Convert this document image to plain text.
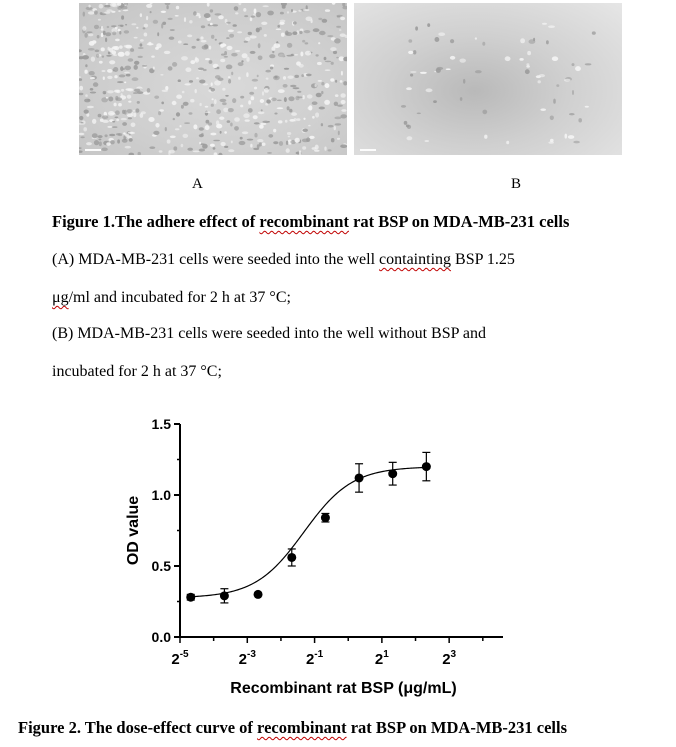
A	B
Figure 1.The adhere effect of recombinant rat BSP on MDA-MB-231 cells
(A) MDA-MB-231 cells were seeded into the well containting BSP 1.25
μg/ml and incubated for 2 h at 37 °C;
(B) MDA-MB-231 cells were seeded into the well without BSP and
incubated for 2 h at 37 °C;
0.0
0.5
1.0
1.5
$2^{-5}$	$2^{-3}$	$2^{-1}$	$2^1$	$2^3$
OD value
Recombinant rat BSP (μg/mL)
Figure 2. The dose-effect curve of recombinant rat BSP on MDA-MB-231 cells
